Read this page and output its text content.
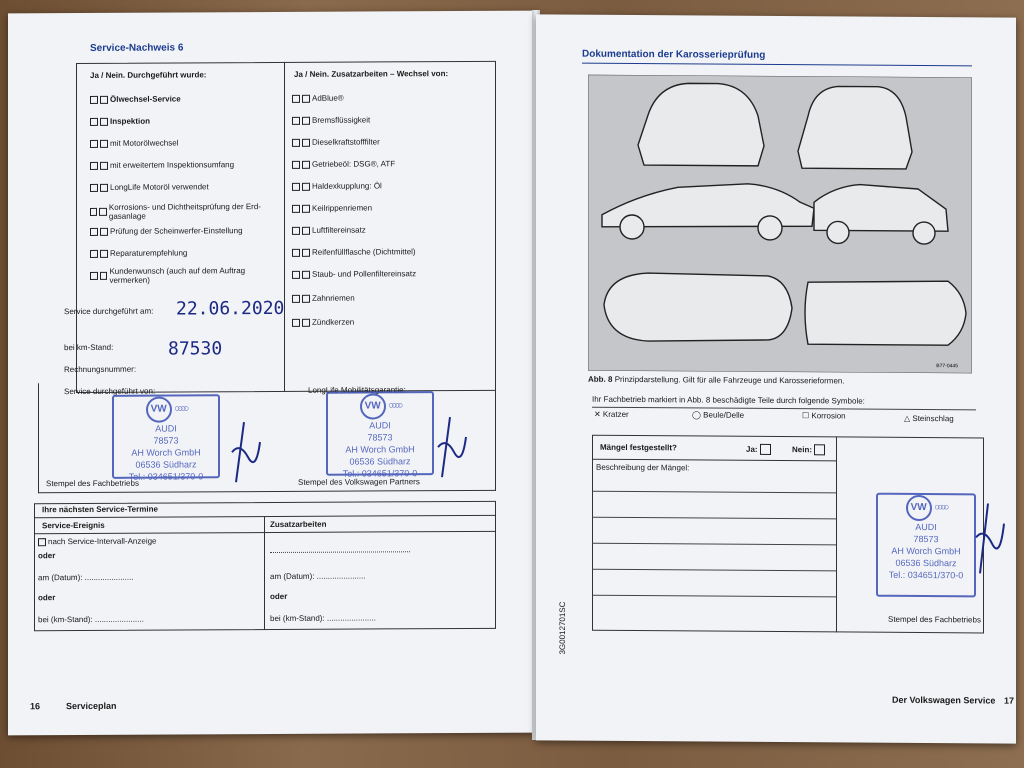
Service-Nachweis 6
Ja / Nein. Durchgeführt wurde:	Ja / Nein. Zusatzarbeiten – Wechsel von:
Ölwechsel-Service
Inspektion
mit Motorölwechsel
mit erweitertem Inspektionsumfang
LongLife Motoröl verwendet
Korrosions- und Dichtheitsprüfung der Erd-gasanlage
Prüfung der Scheinwerfer-Einstellung
Reparaturempfehlung
Kundenwunsch (auch auf dem Auftrag vermerken)
AdBlue®
Bremsflüssigkeit
Dieselkraftstofffilter
Getriebeöl: DSG®, ATF
Haldexkupplung: Öl
Keilrippenriemen
Luftfiltereinsatz
Reifenfüllflasche (Dichtmittel)
Staub- und Pollenfiltereinsatz
Zahnriemen
Zündkerzen
Service durchgeführt am: 22.06.2020
bei km-Stand:	87530
Rechnungsnummer:
Service durchgeführt von:	LongLife Mobilitätsgarantie:
VW ○○○○
AUDI
78573
AH Worch GmbH
06536 Südharz
Tel.: 034651/370-0
VW ○○○○
AUDI
78573
AH Worch GmbH
06536 Südharz
Tel.: 034651/370-0
Stempel des Fachbetriebs	Stempel des Volkswagen Partners
Ihre nächsten Service-Termine
Service-Ereignis	Zusatzarbeiten
nach Service-Intervall-Anzeige
oder
am (Datum): ......................
oder
bei (km-Stand): ......................
am (Datum): ......................
oder
bei (km-Stand): ......................
16	Serviceplan
Dokumentation der Karosserieprüfung
B77-0445
Abb. 8
Prinzipdarstellung. Gilt für alle Fahrzeuge und Karosserieformen.
Ihr Fachbetrieb markiert in Abb. 8 beschädigte Teile durch folgende Symbole:
✕ Kratzer	◯ Beule/Delle	☐ Korrosion	△ Steinschlag
Mängel festgestellt?	Ja:
	Nein:

Beschreibung der Mängel:
VW ○○○○
AUDI
78573
AH Worch GmbH
06536 Südharz
Tel.: 034651/370-0
Stempel des Fachbetriebs
3G0012701SC
Der Volkswagen Service 17
